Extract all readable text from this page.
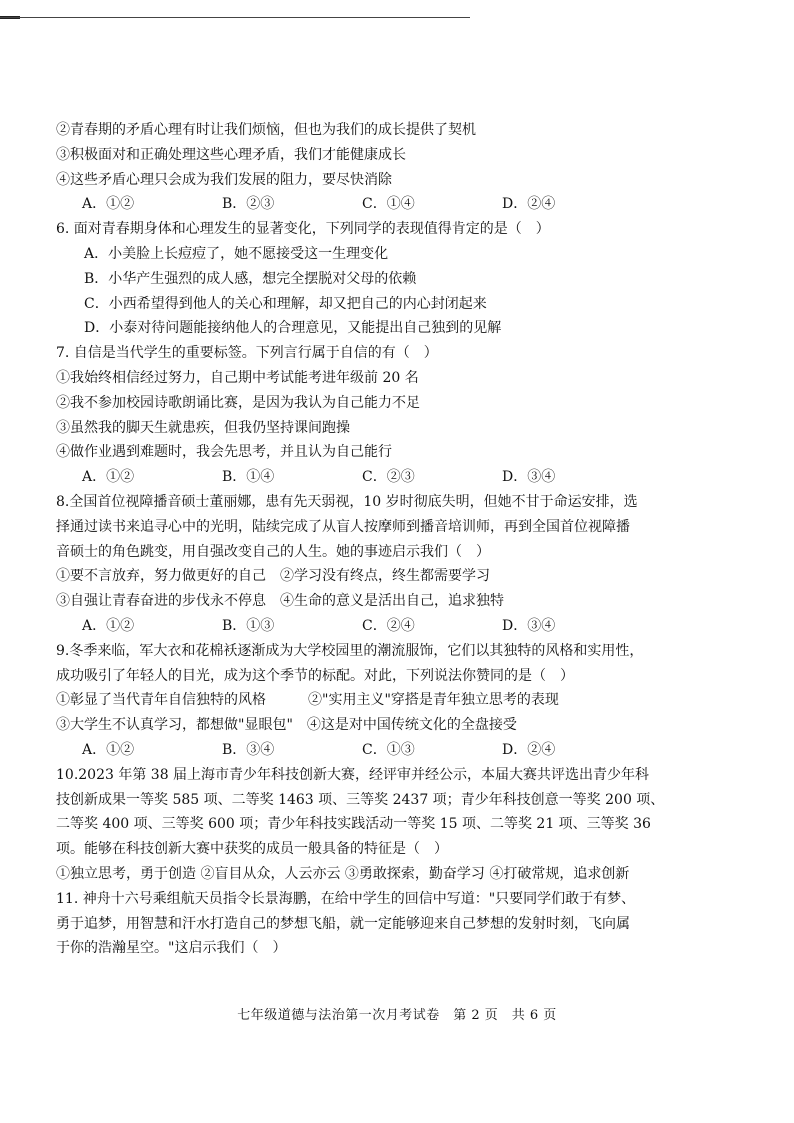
②青春期的矛盾心理有时让我们烦恼，但也为我们的成长提供了契机
③积极面对和正确处理这些心理矛盾，我们才能健康成长
④这些矛盾心理只会成为我们发展的阻力，要尽快消除
A．①②	B．②③	C．①④	D．②④
6. 面对青春期身体和心理发生的显著变化，下列同学的表现值得肯定的是（　）
A．小美脸上长痘痘了，她不愿接受这一生理变化
B．小华产生强烈的成人感，想完全摆脱对父母的依赖
C．小西希望得到他人的关心和理解，却又把自己的内心封闭起来
D．小泰对待问题能接纳他人的合理意见，又能提出自己独到的见解
7. 自信是当代学生的重要标签。下列言行属于自信的有（　）
①我始终相信经过努力，自己期中考试能考进年级前 20 名
②我不参加校园诗歌朗诵比赛，是因为我认为自己能力不足
③虽然我的脚天生就患疾，但我仍坚持课间跑操
④做作业遇到难题时，我会先思考，并且认为自己能行
A．①②	B．①④	C．②③	D．③④
8.全国首位视障播音硕士董丽娜，患有先天弱视，10 岁时彻底失明，但她不甘于命运安排，选
择通过读书来追寻心中的光明，陆续完成了从盲人按摩师到播音培训师，再到全国首位视障播
音硕士的角色跳变，用自强改变自己的人生。她的事迹启示我们（　）
①要不言放弃，努力做更好的自己　②学习没有终点，终生都需要学习
③自强让青春奋进的步伐永不停息　④生命的意义是活出自己，追求独特
A．①②	B．①③	C．②④	D．③④
9.冬季来临，军大衣和花棉袄逐渐成为大学校园里的潮流服饰，它们以其独特的风格和实用性，
成功吸引了年轻人的目光，成为这个季节的标配。对此，下列说法你赞同的是（　）
①彰显了当代青年自信独特的风格　　　②"实用主义"穿搭是青年独立思考的表现
③大学生不认真学习，都想做"显眼包"　④这是对中国传统文化的全盘接受
A．①②	B．③④	C．①③	D．②④
10.2023 年第 38 届上海市青少年科技创新大赛，经评审并经公示，本届大赛共评选出青少年科
技创新成果一等奖 585 项、二等奖 1463 项、三等奖 2437 项；青少年科技创意一等奖 200 项、
二等奖 400 项、三等奖 600 项；青少年科技实践活动一等奖 15 项、二等奖 21 项、三等奖 36
项。能够在科技创新大赛中获奖的成员一般具备的特征是（　）
①独立思考，勇于创造 ②盲目从众，人云亦云 ③勇敢探索，勤奋学习 ④打破常规，追求创新
11. 神舟十六号乘组航天员指令长景海鹏，在给中学生的回信中写道："只要同学们敢于有梦、
勇于追梦，用智慧和汗水打造自己的梦想飞船，就一定能够迎来自己梦想的发射时刻，飞向属
于你的浩瀚星空。"这启示我们（　）
七年级道德与法治第一次月考试卷　第 2 页　共 6 页
